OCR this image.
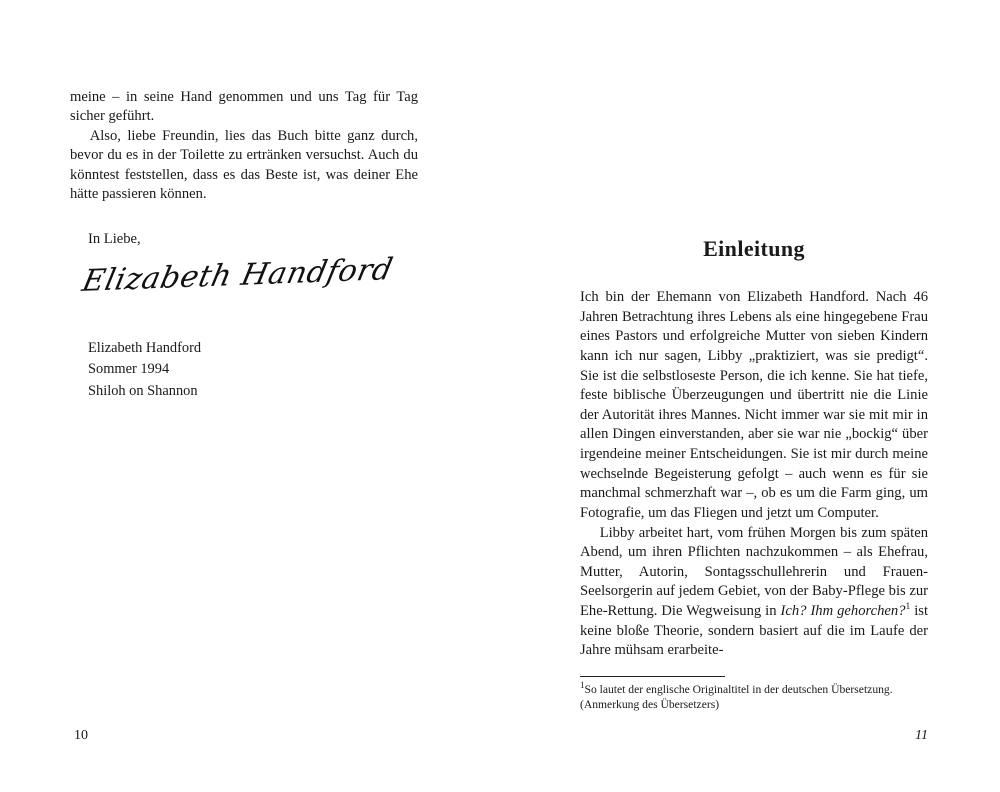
meine – in seine Hand genommen und uns Tag für Tag sicher geführt.

Also, liebe Freundin, lies das Buch bitte ganz durch, bevor du es in der Toilette zu ertränken versuchst. Auch du könntest feststellen, dass es das Beste ist, was deiner Ehe hätte passieren können.

In Liebe,
Elizabeth Handford
Elizabeth Handford
Sommer 1994
Shiloh on Shannon
10
Einleitung

Ich bin der Ehemann von Elizabeth Handford. Nach 46 Jahren Betrachtung ihres Lebens als eine hingegebene Frau eines Pastors und erfolgreiche Mutter von sieben Kindern kann ich nur sagen, Libby „praktiziert, was sie predigt“. Sie ist die selbstloseste Person, die ich kenne. Sie hat tiefe, feste biblische Überzeugungen und übertritt nie die Linie der Autorität ihres Mannes. Nicht immer war sie mit mir in allen Dingen einverstanden, aber sie war nie „bockig“ über irgendeine meiner Entscheidungen. Sie ist mir durch meine wechselnde Begeisterung gefolgt – auch wenn es für sie manchmal schmerzhaft war –, ob es um die Farm ging, um Fotografie, um das Fliegen und jetzt um Computer.

Libby arbeitet hart, vom frühen Morgen bis zum späten Abend, um ihren Pflichten nachzukommen – als Ehefrau, Mutter, Autorin, Sontagsschullehrerin und Frauen-Seelsorgerin auf jedem Gebiet, von der Baby-Pflege bis zur Ehe-Rettung. Die Wegweisung in Ich? Ihm gehorchen?$^1$ ist keine bloße Theorie, sondern basiert auf die im Laufe der Jahre mühsam erarbeite-

$^1$So lautet der englische Originaltitel in der deutschen Übersetzung. (Anmerkung des Übersetzers)
11
